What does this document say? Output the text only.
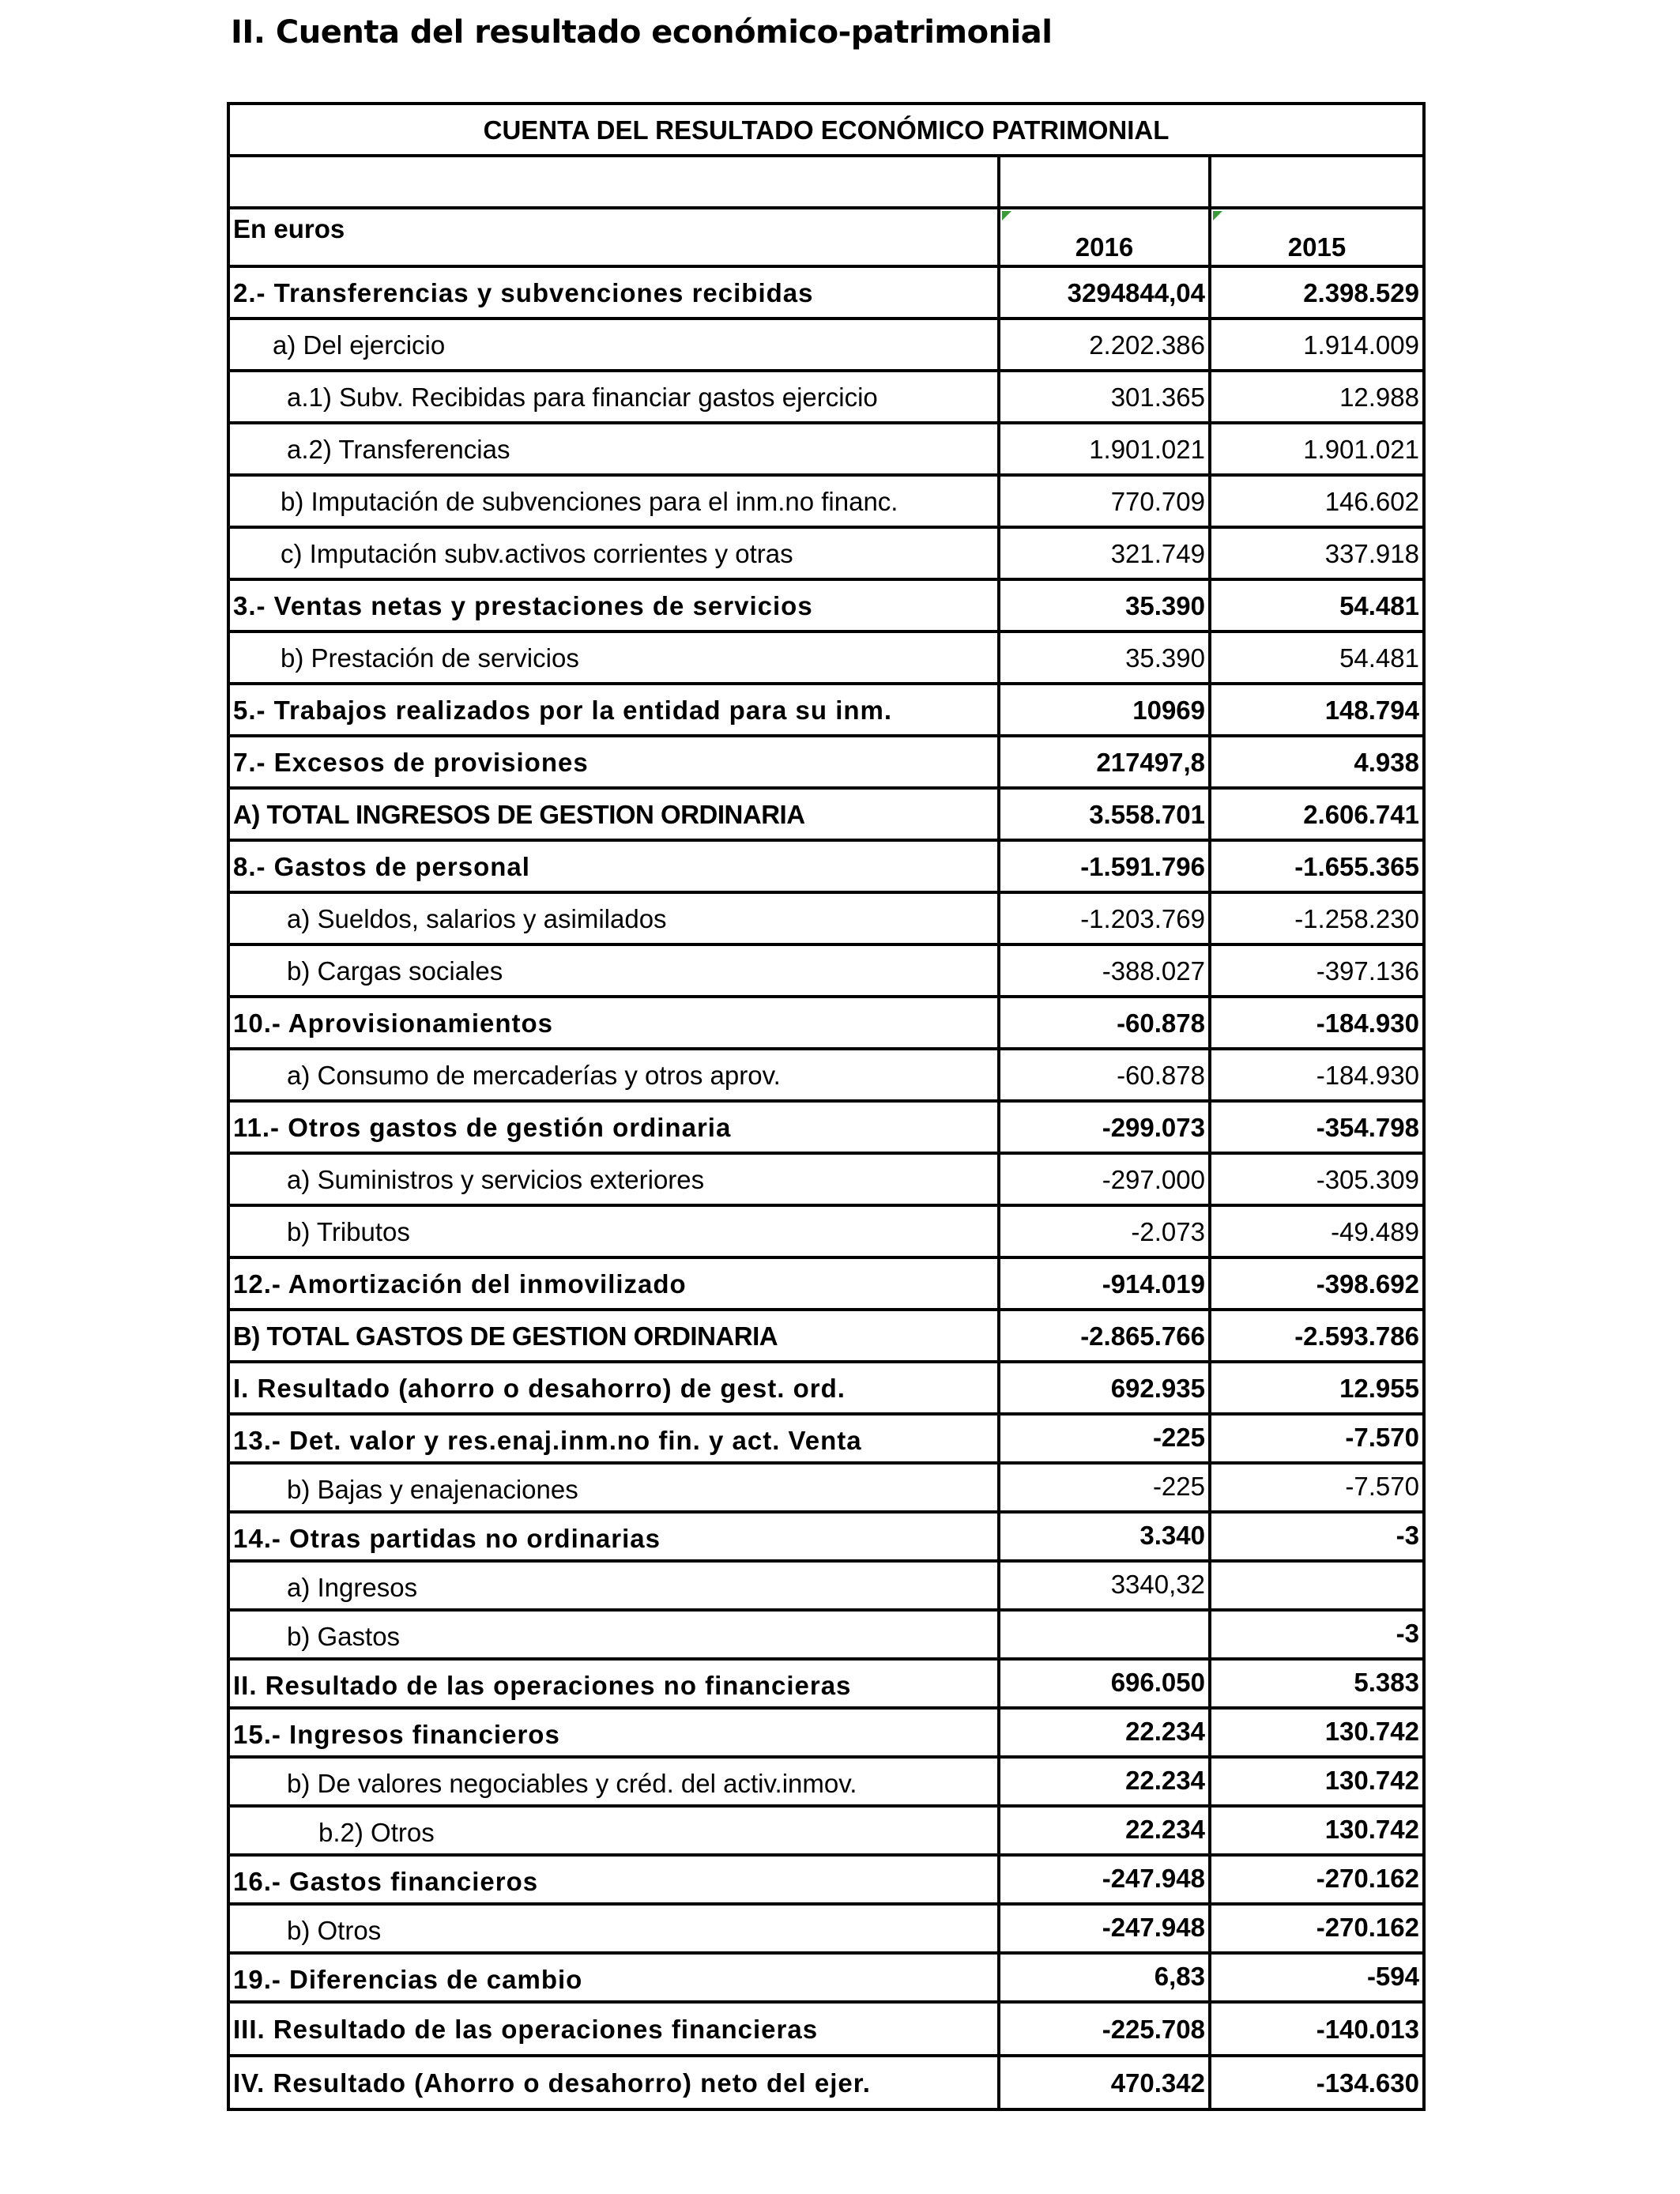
II. Cuenta del resultado económico-patrimonial
CUENTA DEL RESULTADO ECONÓMICO PATRIMONIAL		

En euros	2016	2015
2.- Transferencias y subvenciones recibidas	3294844,04	2.398.529
a) Del ejercicio	2.202.386	1.914.009
a.1) Subv. Recibidas para financiar gastos ejercicio	301.365	12.988
a.2) Transferencias	1.901.021	1.901.021
b) Imputación de subvenciones para el inm.no financ.	770.709	146.602
c) Imputación subv.activos corrientes y otras	321.749	337.918
3.- Ventas netas y prestaciones de servicios	35.390	54.481
b) Prestación de servicios	35.390	54.481
5.- Trabajos realizados por la entidad para su inm.	10969	148.794
7.- Excesos de provisiones	217497,8	4.938
A) TOTAL INGRESOS DE GESTION ORDINARIA	3.558.701	2.606.741
8.- Gastos de personal	-1.591.796	-1.655.365
a) Sueldos, salarios y asimilados	-1.203.769	-1.258.230
b) Cargas sociales	-388.027	-397.136
10.- Aprovisionamientos	-60.878	-184.930
a) Consumo de mercaderías y otros aprov.	-60.878	-184.930
11.- Otros gastos de gestión ordinaria	-299.073	-354.798
a) Suministros y servicios exteriores	-297.000	-305.309
b) Tributos	-2.073	-49.489
12.- Amortización del inmovilizado	-914.019	-398.692
B) TOTAL GASTOS DE GESTION ORDINARIA	-2.865.766	-2.593.786
I. Resultado (ahorro o desahorro) de gest. ord.	692.935	12.955
13.- Det. valor y res.enaj.inm.no fin. y act. Venta	-225	-7.570
b) Bajas y enajenaciones	-225	-7.570
14.- Otras partidas no ordinarias	3.340	-3
a) Ingresos	3340,32	
b) Gastos		-3
II. Resultado de las operaciones no financieras	696.050	5.383
15.- Ingresos financieros	22.234	130.742
b) De valores negociables y créd. del activ.inmov.	22.234	130.742
b.2) Otros	22.234	130.742
16.- Gastos financieros	-247.948	-270.162
b) Otros	-247.948	-270.162
19.- Diferencias de cambio	6,83	-594
III. Resultado de las operaciones financieras	-225.708	-140.013
IV. Resultado (Ahorro o desahorro) neto del ejer.	470.342	-134.630
